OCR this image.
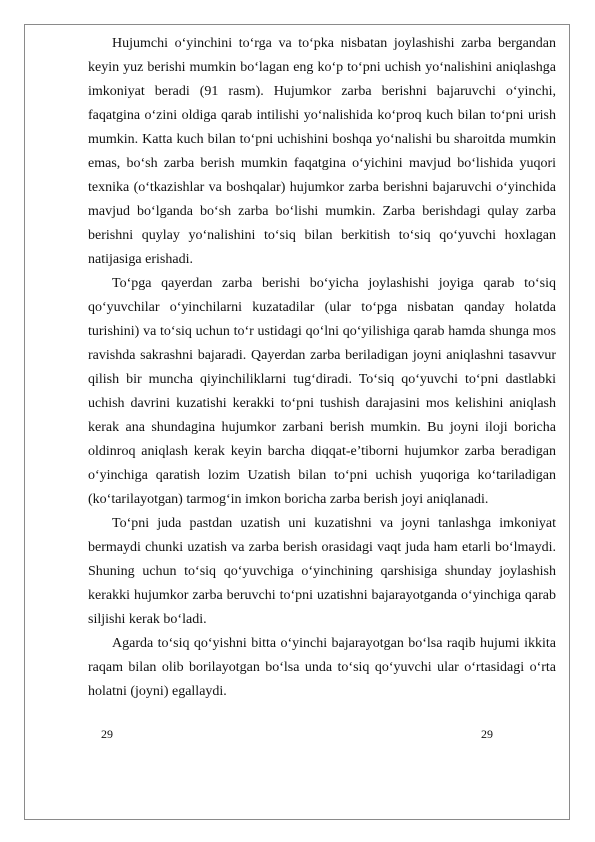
Hujumchi o‘yinchini to‘rga va to‘pka nisbatan joylashishi zarba bergandan keyin yuz berishi mumkin bo‘lagan eng ko‘p to‘pni uchish yo‘nalishini aniqlashga imkoniyat beradi (91 rasm). Hujumkor zarba berishni bajaruvchi o‘yinchi, faqatgina o‘zini oldiga qarab intilishi yo‘nalishida ko‘proq kuch bilan to‘pni urish mumkin. Katta kuch bilan to‘pni uchishini boshqa yo‘nalishi bu sharoitda mumkin emas, bo‘sh zarba berish mumkin faqatgina o‘yichini mavjud bo‘lishida yuqori texnika (o‘tkazishlar va boshqalar) hujumkor zarba berishni bajaruvchi o‘yinchida mavjud bo‘lganda bo‘sh zarba bo‘lishi mumkin. Zarba berishdagi qulay zarba berishni quylay yo‘nalishini to‘siq bilan berkitish to‘siq qo‘yuvchi hoxlagan natijasiga erishadi.

To‘pga qayerdan zarba berishi bo‘yicha joylashishi joyiga qarab to‘siq qo‘yuvchilar o‘yinchilarni kuzatadilar (ular to‘pga nisbatan qanday holatda turishini) va to‘siq uchun to‘r ustidagi qo‘lni qo‘yilishiga qarab hamda shunga mos ravishda sakrashni bajaradi. Qayerdan zarba beriladigan joyni aniqlashni tasavvur qilish bir muncha qiyinchiliklarni tug‘diradi. To‘siq qo‘yuvchi to‘pni dastlabki uchish davrini kuzatishi kerakki to‘pni tushish darajasini mos kelishini aniqlash kerak ana shundagina hujumkor zarbani berish mumkin. Bu joyni iloji boricha oldinroq aniqlash kerak keyin barcha diqqat-e’tiborni hujumkor zarba beradigan o‘yinchiga qaratish lozim Uzatish bilan to‘pni uchish yuqoriga ko‘tariladigan (ko‘tarilayotgan) tarmog‘in imkon boricha zarba berish joyi aniqlanadi.

To‘pni juda pastdan uzatish uni kuzatishni va joyni tanlashga imkoniyat bermaydi chunki uzatish va zarba berish orasidagi vaqt juda ham etarli bo‘lmaydi. Shuning uchun to‘siq qo‘yuvchiga o‘yinchining qarshisiga shunday joylashish kerakki hujumkor zarba beruvchi to‘pni uzatishni bajarayotganda o‘yinchiga qarab siljishi kerak bo‘ladi.

Agarda to‘siq qo‘yishni bitta o‘yinchi bajarayotgan bo‘lsa raqib hujumi ikkita raqam bilan olib borilayotgan bo‘lsa unda to‘siq qo‘yuvchi ular o‘rtasidagi o‘rta holatni (joyni) egallaydi.

29	29
